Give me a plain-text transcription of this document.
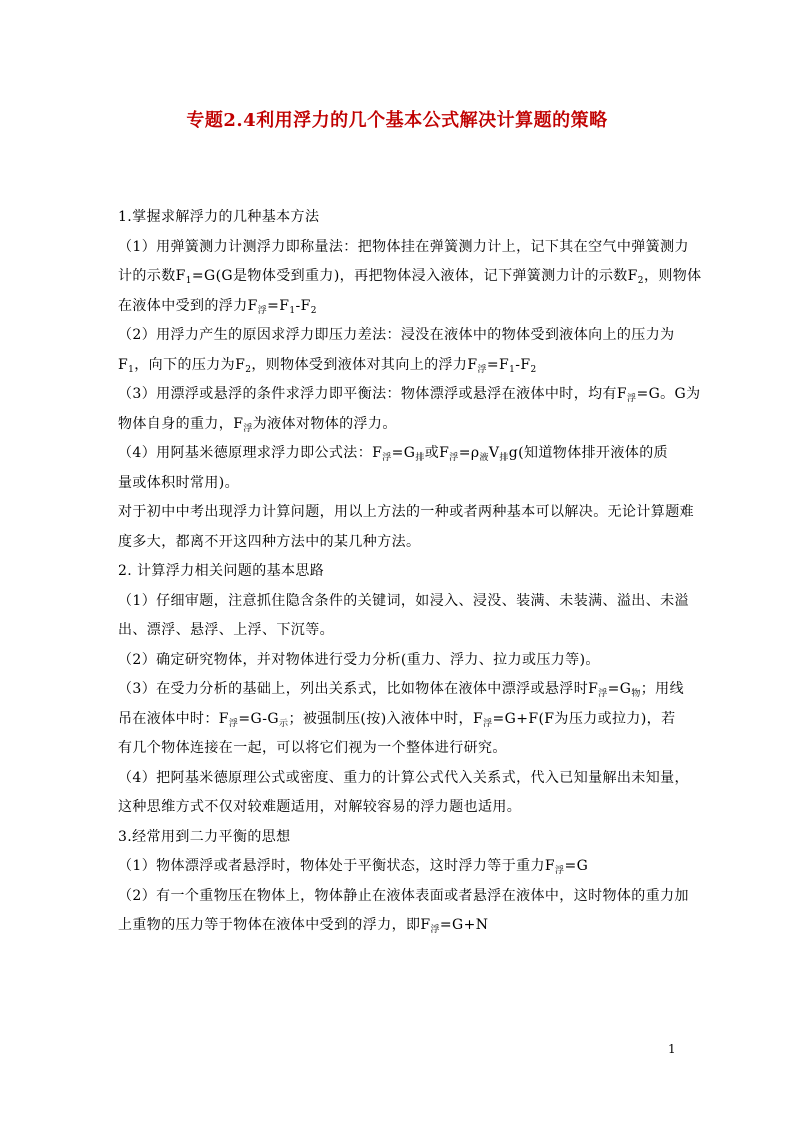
专题2.4利用浮力的几个基本公式解决计算题的策略

1.掌握求解浮力的几种基本方法

（1）用弹簧测力计测浮力即称量法：把物体挂在弹簧测力计上，记下其在空气中弹簧测力

计的示数$F_1=G(G$是物体受到重力)，再把物体浸入液体，记下弹簧测力计的示数$F_2$，则物体

在液体中受到的浮力$F_浮=F_1-F_2$

（2）用浮力产生的原因求浮力即压力差法：浸没在液体中的物体受到液体向上的压力为

$F_1$，向下的压力为$F_2$，则物体受到液体对其向上的浮力$F_浮=F_1-F_2$

（3）用漂浮或悬浮的条件求浮力即平衡法：物体漂浮或悬浮在液体中时，均有$F_浮=G$。G为

物体自身的重力，$F_浮$为液体对物体的浮力。

（4）用阿基米德原理求浮力即公式法：$F_浮=G_排$或$F_浮=\rho_液V_排g$(知道物体排开液体的质

量或体积时常用)。

对于初中中考出现浮力计算问题，用以上方法的一种或者两种基本可以解决。无论计算题难

度多大，都离不开这四种方法中的某几种方法。

2. 计算浮力相关问题的基本思路

（1）仔细审题，注意抓住隐含条件的关键词，如浸入、浸没、装满、未装满、溢出、未溢

出、漂浮、悬浮、上浮、下沉等。

（2）确定研究物体，并对物体进行受力分析(重力、浮力、拉力或压力等)。

（3）在受力分析的基础上，列出关系式，比如物体在液体中漂浮或悬浮时$F_浮=G_物$；用线

吊在液体中时：$F_浮=G-G_示$；被强制压(按)入液体中时，$F_浮=G+F(F$为压力或拉力)，若

有几个物体连接在一起，可以将它们视为一个整体进行研究。

（4）把阿基米德原理公式或密度、重力的计算公式代入关系式，代入已知量解出未知量，

这种思维方式不仅对较难题适用，对解较容易的浮力题也适用。

3.经常用到二力平衡的思想

（1）物体漂浮或者悬浮时，物体处于平衡状态，这时浮力等于重力$F_浮=G$

（2）有一个重物压在物体上，物体静止在液体表面或者悬浮在液体中，这时物体的重力加

上重物的压力等于物体在液体中受到的浮力，即$F_浮=G+N$

1
